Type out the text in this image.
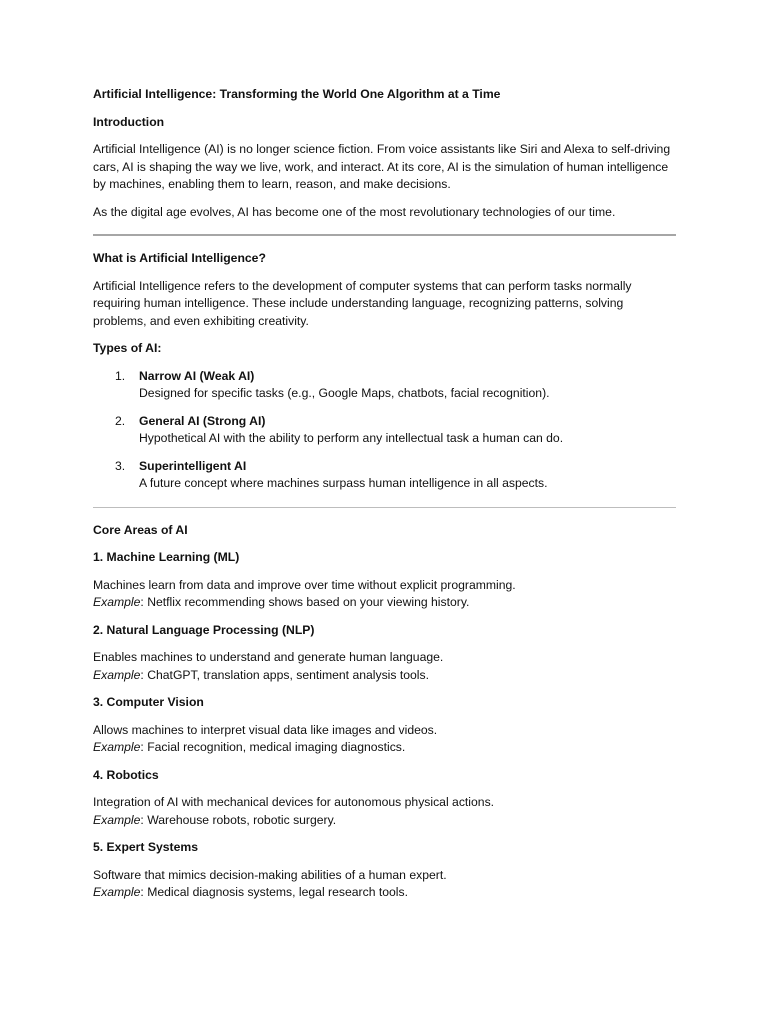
Artificial Intelligence: Transforming the World One Algorithm at a Time

Introduction

Artificial Intelligence (AI) is no longer science fiction. From voice assistants like Siri and Alexa to self-driving cars, AI is shaping the way we live, work, and interact. At its core, AI is the simulation of human intelligence by machines, enabling them to learn, reason, and make decisions.

As the digital age evolves, AI has become one of the most revolutionary technologies of our time.

What is Artificial Intelligence?

Artificial Intelligence refers to the development of computer systems that can perform tasks normally requiring human intelligence. These include understanding language, recognizing patterns, solving problems, and even exhibiting creativity.

Types of AI:

1. Narrow AI (Weak AI)
Designed for specific tasks (e.g., Google Maps, chatbots, facial recognition).
2. General AI (Strong AI)
Hypothetical AI with the ability to perform any intellectual task a human can do.
3. Superintelligent AI
A future concept where machines surpass human intelligence in all aspects.

Core Areas of AI

1. Machine Learning (ML)

Machines learn from data and improve over time without explicit programming.
Example: Netflix recommending shows based on your viewing history.

2. Natural Language Processing (NLP)

Enables machines to understand and generate human language.
Example: ChatGPT, translation apps, sentiment analysis tools.

3. Computer Vision

Allows machines to interpret visual data like images and videos.
Example: Facial recognition, medical imaging diagnostics.

4. Robotics

Integration of AI with mechanical devices for autonomous physical actions.
Example: Warehouse robots, robotic surgery.

5. Expert Systems

Software that mimics decision-making abilities of a human expert.
Example: Medical diagnosis systems, legal research tools.
